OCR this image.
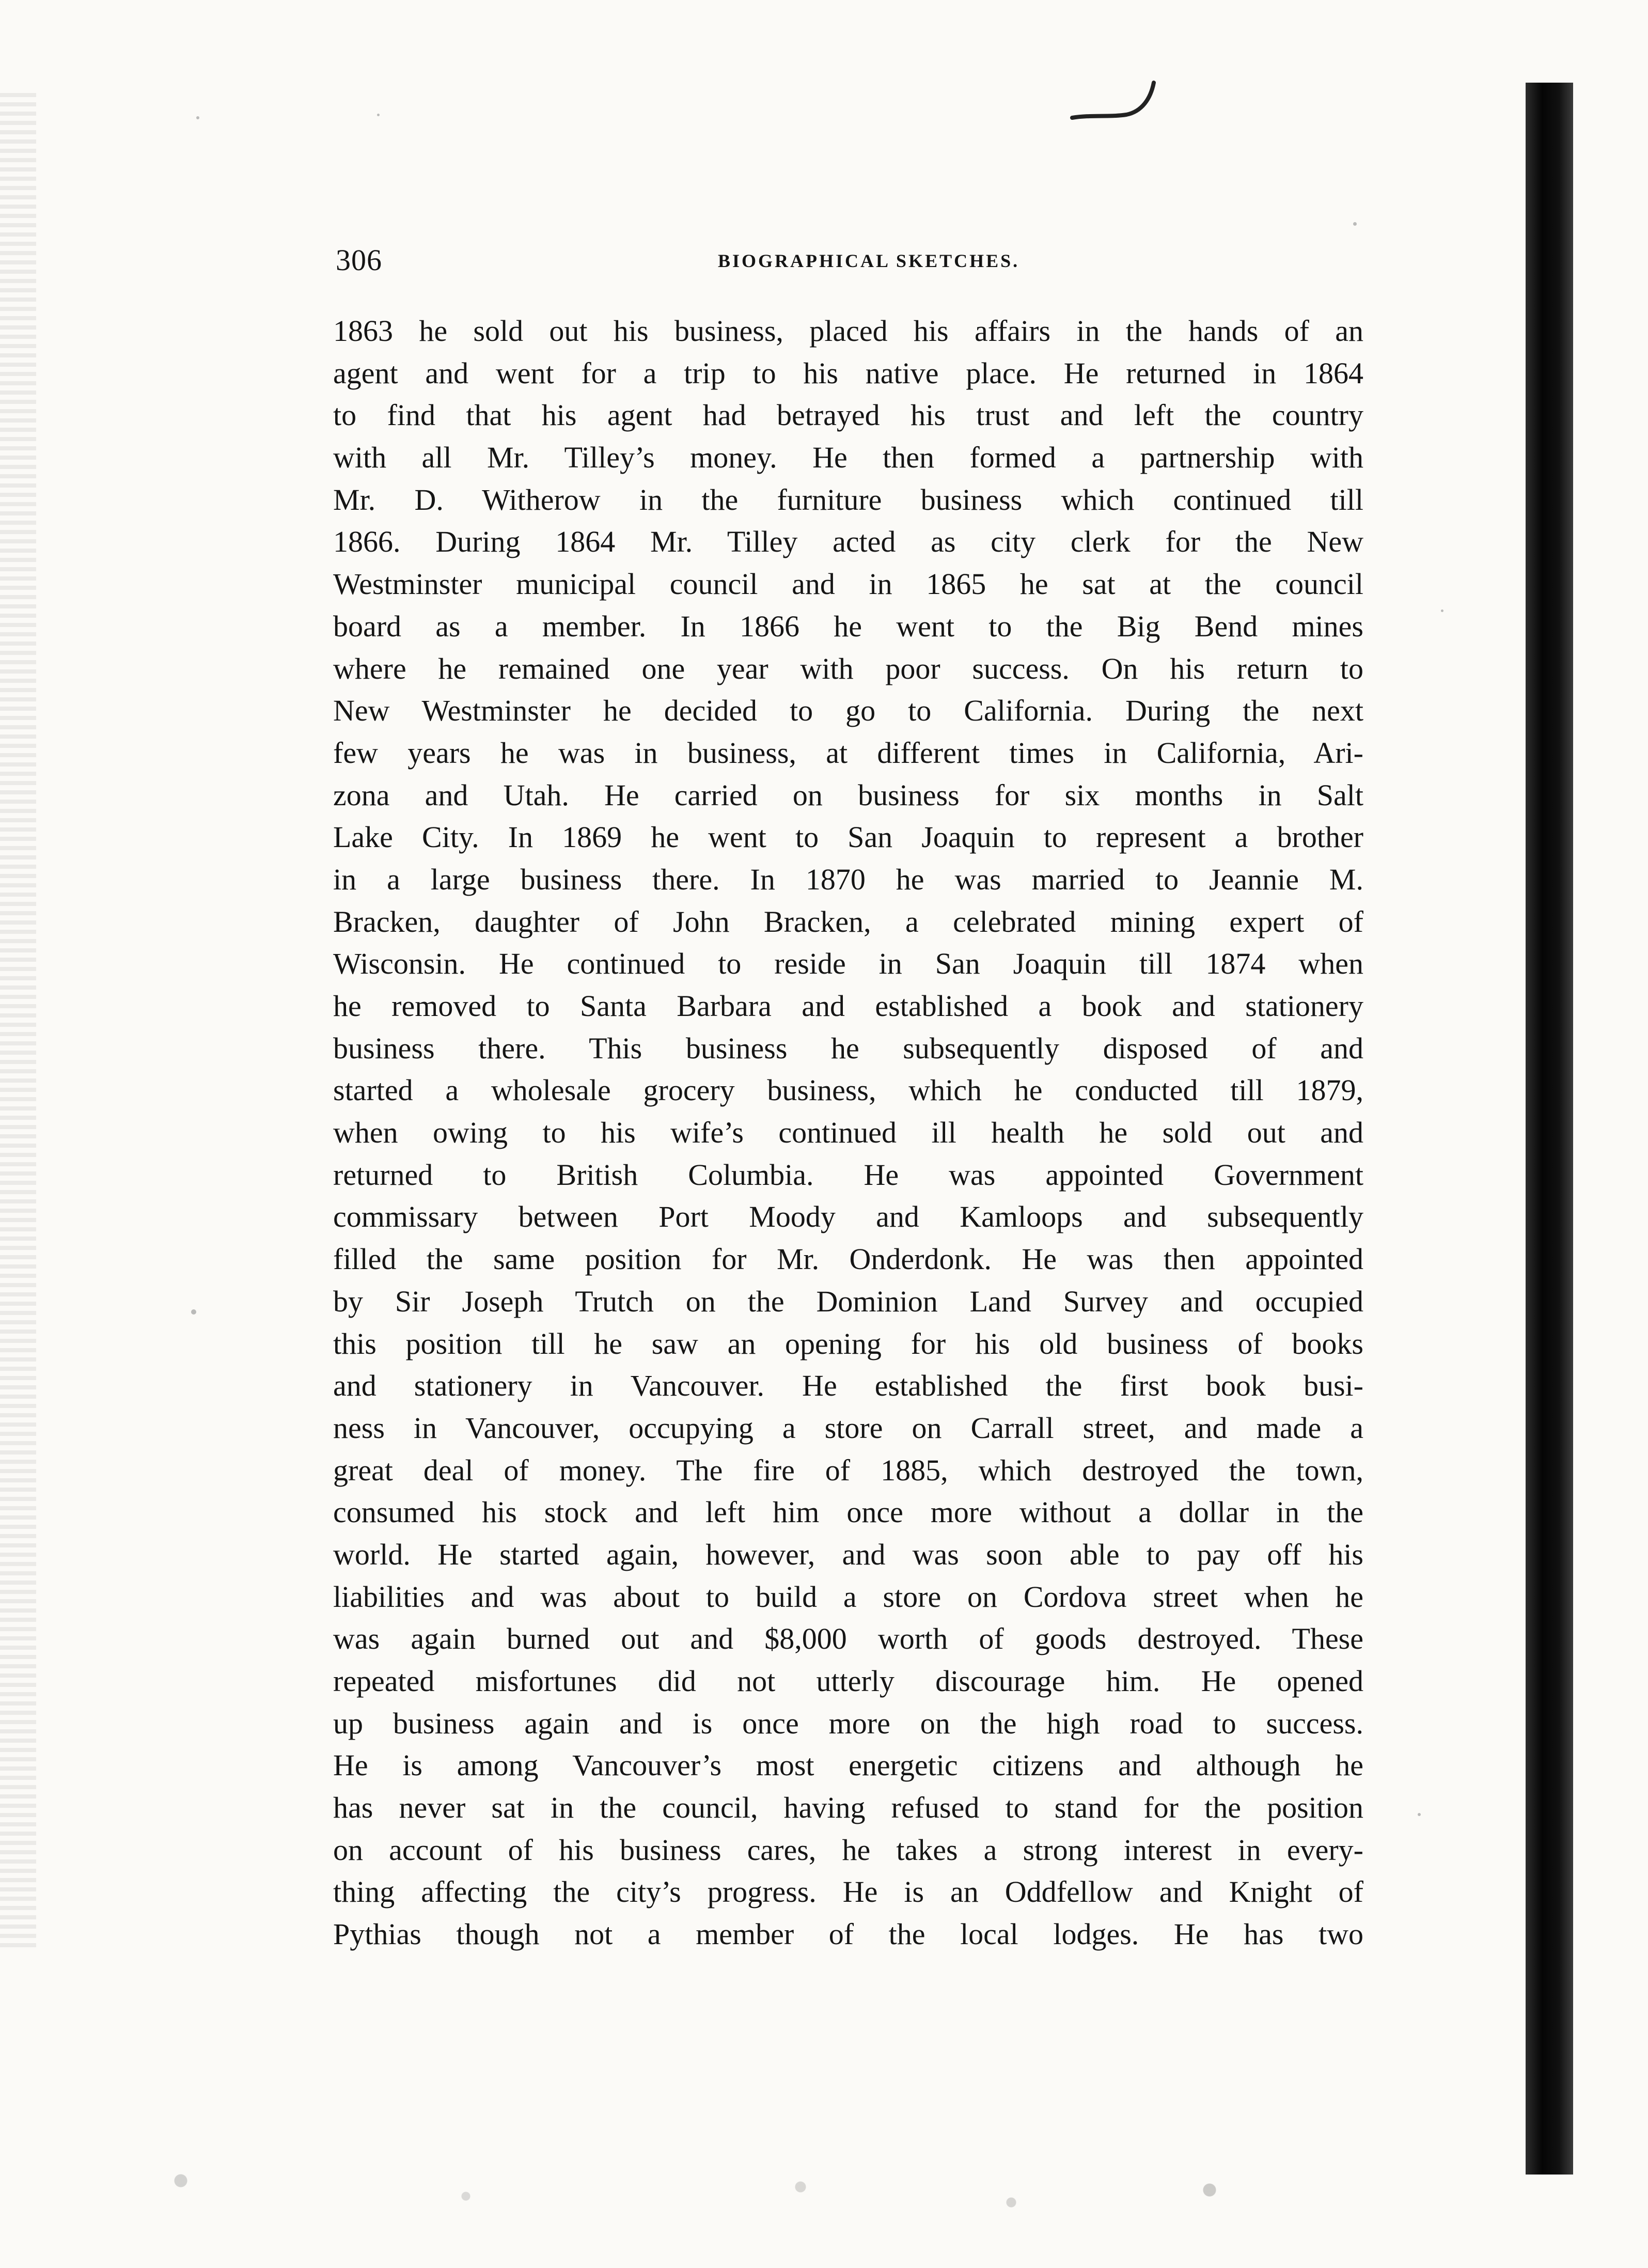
306	BIOGRAPHICAL SKETCHES.
1863 he sold out his business, placed his affairs in the hands of an
agent and went for a trip to his native place. He returned in 1864
to find that his agent had betrayed his trust and left the country
with all Mr. Tilley’s money. He then formed a partnership with
Mr. D. Witherow in the furniture business which continued till
1866. During 1864 Mr. Tilley acted as city clerk for the New
Westminster municipal council and in 1865 he sat at the council
board as a member. In 1866 he went to the Big Bend mines
where he remained one year with poor success. On his return to
New Westminster he decided to go to California. During the next
few years he was in business, at different times in California, Ari-
zona and Utah. He carried on business for six months in Salt
Lake City. In 1869 he went to San Joaquin to represent a brother
in a large business there. In 1870 he was married to Jeannie M.
Bracken, daughter of John Bracken, a celebrated mining expert of
Wisconsin. He continued to reside in San Joaquin till 1874 when
he removed to Santa Barbara and established a book and stationery
business there. This business he subsequently disposed of and
started a wholesale grocery business, which he conducted till 1879,
when owing to his wife’s continued ill health he sold out and
returned to British Columbia. He was appointed Government
commissary between Port Moody and Kamloops and subsequently
filled the same position for Mr. Onderdonk. He was then appointed
by Sir Joseph Trutch on the Dominion Land Survey and occupied
this position till he saw an opening for his old business of books
and stationery in Vancouver. He established the first book busi-
ness in Vancouver, occupying a store on Carrall street, and made a
great deal of money. The fire of 1885, which destroyed the town,
consumed his stock and left him once more without a dollar in the
world. He started again, however, and was soon able to pay off his
liabilities and was about to build a store on Cordova street when he
was again burned out and $8,000 worth of goods destroyed. These
repeated misfortunes did not utterly discourage him. He opened
up business again and is once more on the high road to success.
He is among Vancouver’s most energetic citizens and although he
has never sat in the council, having refused to stand for the position
on account of his business cares, he takes a strong interest in every-
thing affecting the city’s progress. He is an Oddfellow and Knight of
Pythias though not a member of the local lodges. He has two
